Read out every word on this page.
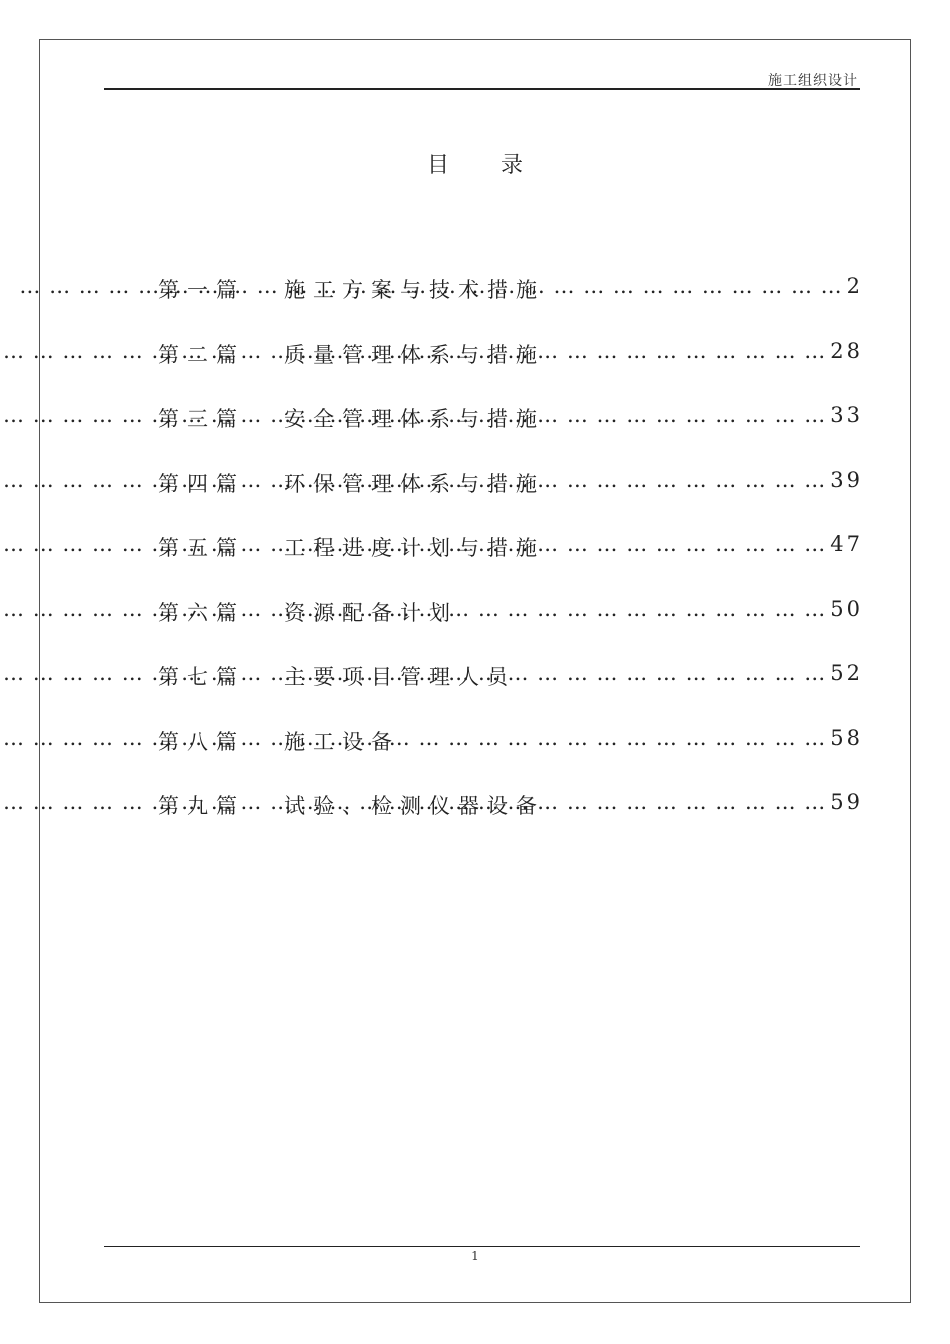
施工组织设计
目录
第一篇	施工方案与技术措施 … … … … … … … … … … … … … … … … … … … … … … … … … … … …	2
第二篇	质量管理体系与措施 … … … … … … … … … … … … … … … … … … … … … … … … … … … …	28
第三篇	安全管理体系与措施 … … … … … … … … … … … … … … … … … … … … … … … … … … … …	33
第四篇	环保管理体系与措施 … … … … … … … … … … … … … … … … … … … … … … … … … … … …	39
第五篇	工程进度计划与措施 … … … … … … … … … … … … … … … … … … … … … … … … … … … …	47
第六篇	资源配备计划 … … … … … … … … … … … … … … … … … … … … … … … … … … … …	50
第七篇	主要项目管理人员 … … … … … … … … … … … … … … … … … … … … … … … … … … … …	52
第八篇	施工设备 … … … … … … … … … … … … … … … … … … … … … … … … … … … …	58
第九篇	试验、检测仪器设备 … … … … … … … … … … … … … … … … … … … … … … … … … … … …	59
1
